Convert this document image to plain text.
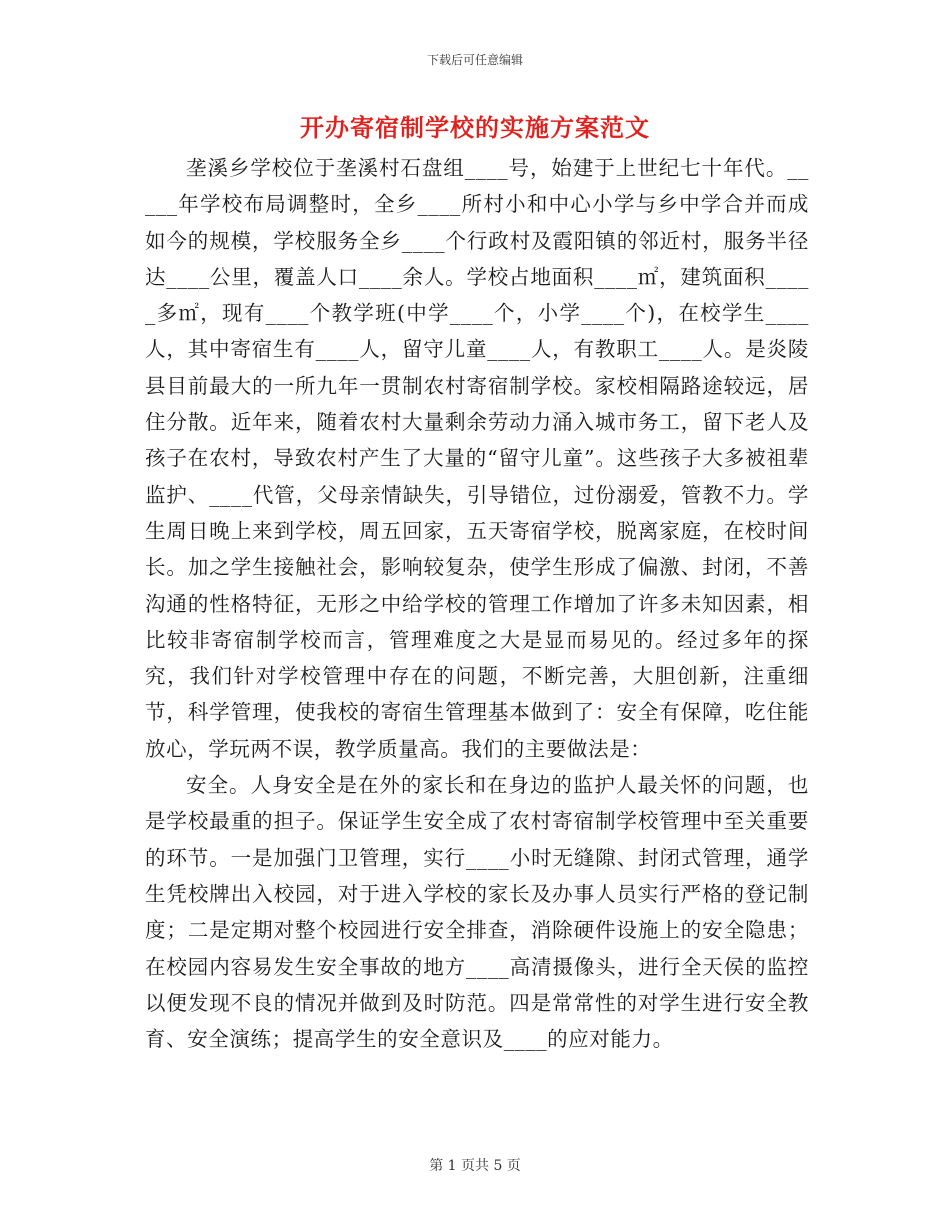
下载后可任意编辑
开办寄宿制学校的实施方案范文

垄溪乡学校位于垄溪村石盘组____号，始建于上世纪七十年代。_____年学校布局调整时，全乡____所村小和中心小学与乡中学合并而成如今的规模，学校服务全乡____个行政村及霞阳镇的邻近村，服务半径达____公里，覆盖人口____余人。学校占地面积____㎡，建筑面积_____多㎡，现有____个教学班(中学____个，小学____个)，在校学生____人，其中寄宿生有____人，留守儿童____人，有教职工____人。是炎陵县目前最大的一所九年一贯制农村寄宿制学校。家校相隔路途较远，居住分散。近年来，随着农村大量剩余劳动力涌入城市务工，留下老人及孩子在农村，导致农村产生了大量的“留守儿童”。这些孩子大多被祖辈监护、____代管，父母亲情缺失，引导错位，过份溺爱，管教不力。学生周日晚上来到学校，周五回家，五天寄宿学校，脱离家庭，在校时间长。加之学生接触社会，影响较复杂，使学生形成了偏激、封闭，不善沟通的性格特征，无形之中给学校的管理工作增加了许多未知因素，相比较非寄宿制学校而言，管理难度之大是显而易见的。经过多年的探究，我们针对学校管理中存在的问题，不断完善，大胆创新，注重细节，科学管理，使我校的寄宿生管理基本做到了：安全有保障，吃住能放心，学玩两不误，教学质量高。我们的主要做法是：

安全。人身安全是在外的家长和在身边的监护人最关怀的问题，也是学校最重的担子。保证学生安全成了农村寄宿制学校管理中至关重要的环节。一是加强门卫管理，实行____小时无缝隙、封闭式管理，通学生凭校牌出入校园，对于进入学校的家长及办事人员实行严格的登记制度；二是定期对整个校园进行安全排查，消除硬件设施上的安全隐患；在校园内容易发生安全事故的地方____高清摄像头，进行全天侯的监控以便发现不良的情况并做到及时防范。四是常常性的对学生进行安全教育、安全演练；提高学生的安全意识及____的应对能力。

第 1 页共 5 页
